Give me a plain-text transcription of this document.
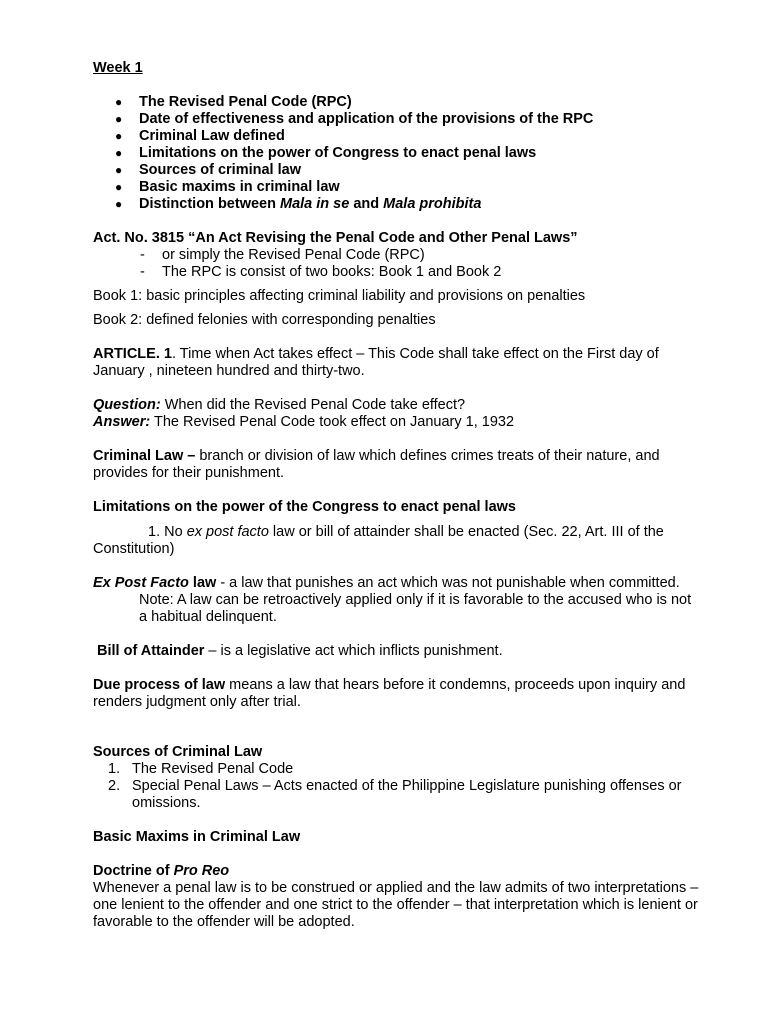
Week 1

● The Revised Penal Code (RPC)
● Date of effectiveness and application of the provisions of the RPC
● Criminal Law defined
● Limitations on the power of Congress to enact penal laws
● Sources of criminal law
● Basic maxims in criminal law
● Distinction between Mala in se and Mala prohibita

Act. No. 3815 “An Act Revising the Penal Code and Other Penal Laws”

- or simply the Revised Penal Code (RPC)
- The RPC is consist of two books: Book 1 and Book 2

Book 1: basic principles affecting criminal liability and provisions on penalties

Book 2: defined felonies with corresponding penalties

ARTICLE. 1. Time when Act takes effect – This Code shall take effect on the First day of January , nineteen hundred and thirty-two.

Question: When did the Revised Penal Code take effect?

Answer: The Revised Penal Code took effect on January 1, 1932

Criminal Law – branch or division of law which defines crimes treats of their nature, and provides for their punishment.

Limitations on the power of the Congress to enact penal laws

1. No ex post facto law or bill of attainder shall be enacted (Sec. 22, Art. III of the Constitution)

Ex Post Facto law - a law that punishes an act which was not punishable when committed.

Note: A law can be retroactively applied only if it is favorable to the accused who is not a habitual delinquent.

Bill of Attainder – is a legislative act which inflicts punishment.

Due process of law means a law that hears before it condemns, proceeds upon inquiry and renders judgment only after trial.

Sources of Criminal Law

1. The Revised Penal Code
2. Special Penal Laws – Acts enacted of the Philippine Legislature punishing offenses or omissions.

Basic Maxims in Criminal Law

Doctrine of Pro Reo

Whenever a penal law is to be construed or applied and the law admits of two interpretations – one lenient to the offender and one strict to the offender – that interpretation which is lenient or favorable to the offender will be adopted.
